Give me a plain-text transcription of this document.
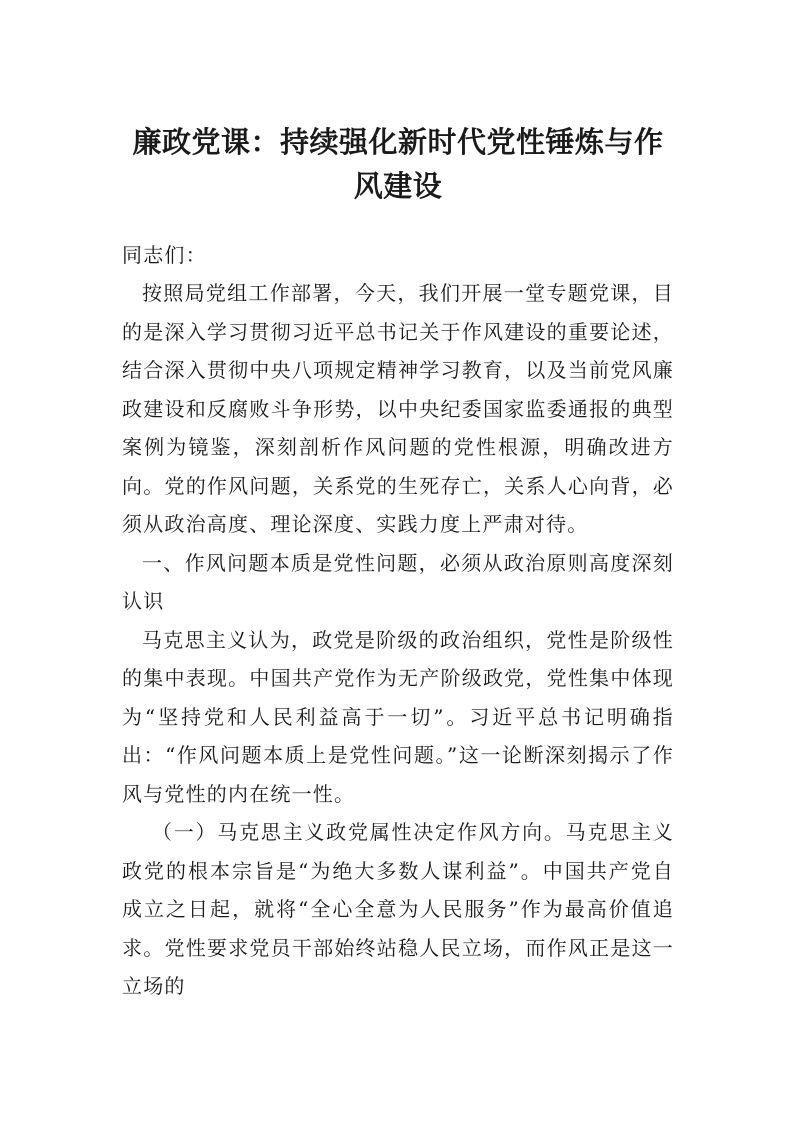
廉政党课：持续强化新时代党性锤炼与作风建设

同志们：

按照局党组工作部署，今天，我们开展一堂专题党课，目的是深入学习贯彻习近平总书记关于作风建设的重要论述，结合深入贯彻中央八项规定精神学习教育，以及当前党风廉政建设和反腐败斗争形势，以中央纪委国家监委通报的典型案例为镜鉴，深刻剖析作风问题的党性根源，明确改进方向。党的作风问题，关系党的生死存亡，关系人心向背，必须从政治高度、理论深度、实践力度上严肃对待。

一、作风问题本质是党性问题，必须从政治原则高度深刻认识

马克思主义认为，政党是阶级的政治组织，党性是阶级性的集中表现。中国共产党作为无产阶级政党，党性集中体现为“坚持党和人民利益高于一切”。习近平总书记明确指出：“作风问题本质上是党性问题。”这一论断深刻揭示了作风与党性的内在统一性。

（一）马克思主义政党属性决定作风方向。马克思主义政党的根本宗旨是“为绝大多数人谋利益”。中国共产党自成立之日起，就将“全心全意为人民服务”作为最高价值追求。党性要求党员干部始终站稳人民立场，而作风正是这一立场的
